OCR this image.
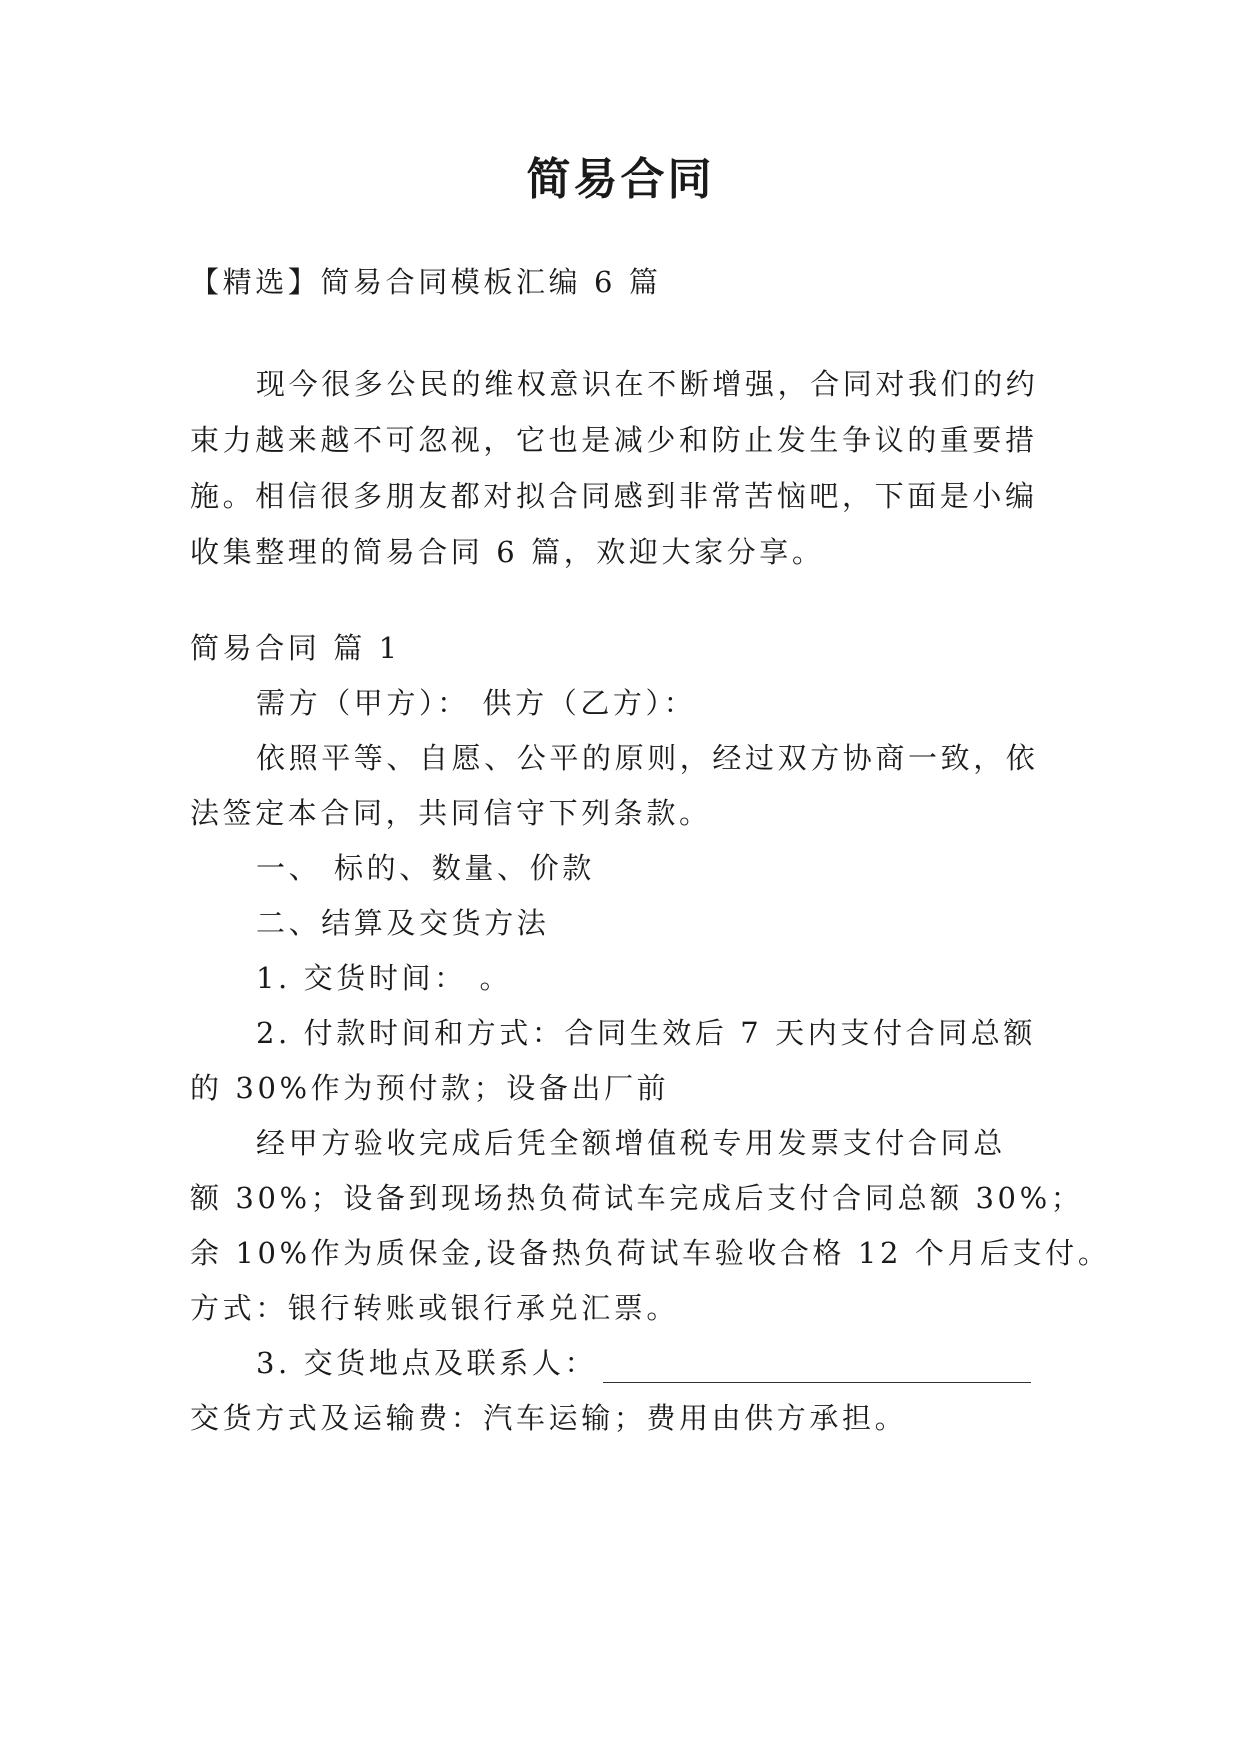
简易合同
【精选】简易合同模板汇编 6 篇
现今很多公民的维权意识在不断增强，合同对我们的约
束力越来越不可忽视，它也是减少和防止发生争议的重要措
施。相信很多朋友都对拟合同感到非常苦恼吧，下面是小编
收集整理的简易合同 6 篇，欢迎大家分享。
简易合同 篇 1
需方（甲方）： 供方（乙方）：
依照平等、自愿、公平的原则，经过双方协商一致，依
法签定本合同，共同信守下列条款。
一、 标的、数量、价款
二、结算及交货方法
1. 交货时间： 。
2. 付款时间和方式：合同生效后 7 天内支付合同总额
的 30%作为预付款；设备出厂前
经甲方验收完成后凭全额增值税专用发票支付合同总
额 30%；设备到现场热负荷试车完成后支付合同总额 30%；
余 10%作为质保金,设备热负荷试车验收合格 12 个月后支付。
方式：银行转账或银行承兑汇票。
3. 交货地点及联系人：
交货方式及运输费：汽车运输；费用由供方承担。
